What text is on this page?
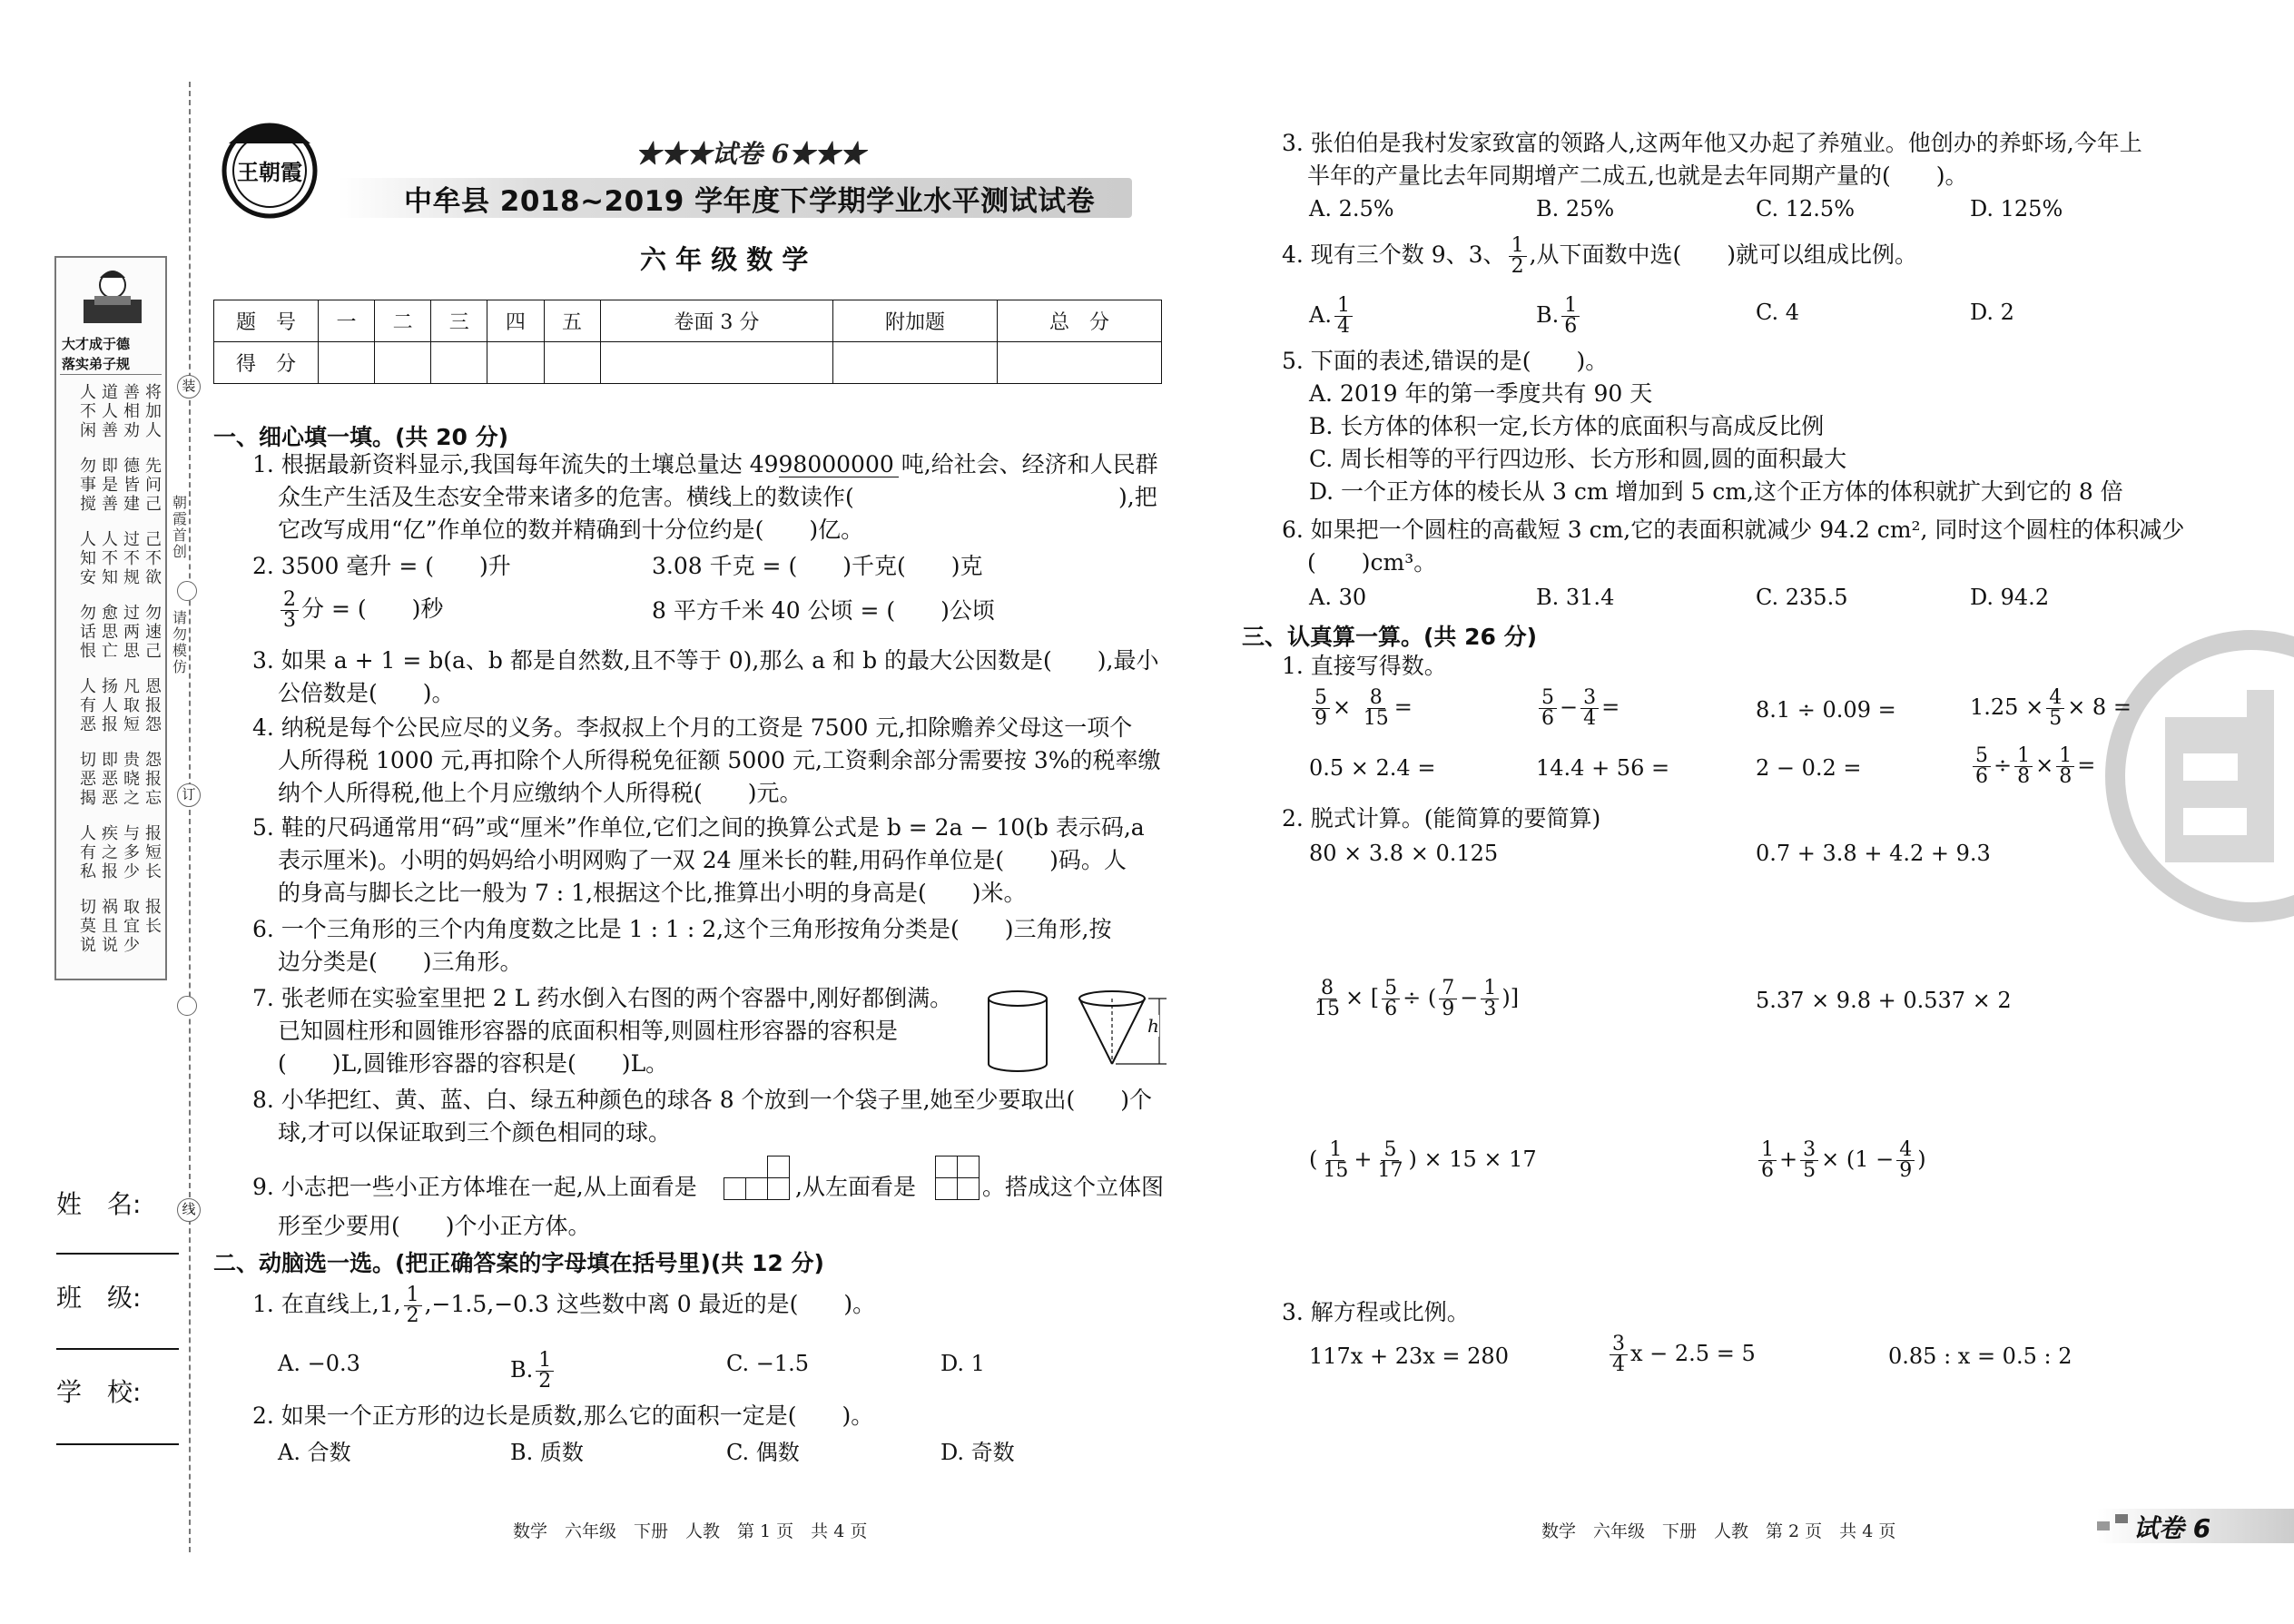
装
订
线
朝霞首创
请勿模仿
大才成于德
落实弟子规
将加人
善相劝
道人善
人不闲
先问己
德皆建
即是善
勿事搅
己不欲
过不规
人不知
人知安
勿速己
过两思
愈思亡
勿话恨
恩报怨
凡取短
扬人报
人有恶
怨报忘
贵晓之
即恶恶
切恶揭
报短长
与多少
疾之报
人有私
报长
取宜少
祸且说
切莫说
姓　名:
班　级:
学　校:
王朝霞
★★★试卷 6★★★
中牟县 2018~2019 学年度下学期学业水平测试试卷
六 年 级 数 学
题　号	一	二	三	四	五	卷面 3 分	附加题	总　分
得　分								
一、细心填一填。(共 20 分)
1. 根据最新资料显示,我国每年流失的土壤总量达 4998000000 吨,给社会、经济和人民群
众生产生活及生态安全带来诸多的危害。横线上的数读作(	),把
它改写成用“亿”作单位的数并精确到十分位约是(　　)亿。
2. 3500 毫升 = (　　)升	3.08 千克 = (　　)千克(　　)克
$\frac{2}{3}$ 分 = (　　)秒	8 平方千米 40 公顷 = (　　)公顷
3. 如果 a + 1 = b(a、b 都是自然数,且不等于 0),那么 a 和 b 的最大公因数是(　　),最小
公倍数是(　　)。
4. 纳税是每个公民应尽的义务。李叔叔上个月的工资是 7500 元,扣除赡养父母这一项个
人所得税 1000 元,再扣除个人所得税免征额 5000 元,工资剩余部分需要按 3%的税率缴
纳个人所得税,他上个月应缴纳个人所得税(　　)元。
5. 鞋的尺码通常用“码”或“厘米”作单位,它们之间的换算公式是 b = 2a − 10(b 表示码,a
表示厘米)。小明的妈妈给小明网购了一双 24 厘米长的鞋,用码作单位是(　　)码。人
的身高与脚长之比一般为 7 : 1,根据这个比,推算出小明的身高是(　　)米。
6. 一个三角形的三个内角度数之比是 1 : 1 : 2,这个三角形按角分类是(　　)三角形,按
边分类是(　　)三角形。
7. 张老师在实验室里把 2 L 药水倒入右图的两个容器中,刚好都倒满。
已知圆柱形和圆锥形容器的底面积相等,则圆柱形容器的容积是
(　　)L,圆锥形容器的容积是(　　)L。
h
8. 小华把红、黄、蓝、白、绿五种颜色的球各 8 个放到一个袋子里,她至少要取出(　　)个
球,才可以保证取到三个颜色相同的球。
9. 小志把一些小正方体堆在一起,从上面看是	,从左面看是	。搭成这个立体图
形至少要用(　　)个小正方体。
二、动脑选一选。(把正确答案的字母填在括号里)(共 12 分)
1. 在直线上,1, $\frac{1}{2} ,-1.5,-0.3$ 这些数中离 0 最近的是(　　)。
A. −0.3	B. $\frac{1}{2}$	C. −1.5	D. 1
2. 如果一个正方形的边长是质数,那么它的面积一定是(　　)。
A. 合数	B. 质数	C. 偶数	D. 奇数
数学　六年级　下册　人教　第 1 页　共 4 页
3. 张伯伯是我村发家致富的领路人,这两年他又办起了养殖业。他创办的养虾场,今年上
半年的产量比去年同期增产二成五,也就是去年同期产量的(　　)。
A. 2.5%	B. 25%	C. 12.5%	D. 125%
4. 现有三个数 9、3、 $\frac{1}{2}$ ,从下面数中选(　　)就可以组成比例。
A. $\frac{1}{4}$	B. $\frac{1}{6}$	C. 4	D. 2
5. 下面的表述,错误的是(　　)。
A. 2019 年的第一季度共有 90 天
B. 长方体的体积一定,长方体的底面积与高成反比例
C. 周长相等的平行四边形、长方形和圆,圆的面积最大
D. 一个正方体的棱长从 3 cm 增加到 5 cm,这个正方体的体积就扩大到它的 8 倍
6. 如果把一个圆柱的高截短 3 cm,它的表面积就减少 94.2 cm², 同时这个圆柱的体积减少
(　　)cm³。
A. 30	B. 31.4	C. 235.5	D. 94.2
三、认真算一算。(共 26 分)
1. 直接写得数。
$\frac{5}{9} \times \frac{8}{15}$ =	$\frac{5}{6} - \frac{3}{4}$ =	8.1 ÷ 0.09 =	$1.25 \times \frac{4}{5} \times 8$ =
0.5 × 2.4 =	14.4 + 56 =	2 − 0.2 =	$\frac{5}{6} \div \frac{1}{8} \times \frac{1}{8}$ =
2. 脱式计算。(能简算的要简算)
80 × 3.8 × 0.125	0.7 + 3.8 + 4.2 + 9.3
$\frac{8}{15}$ × [ $\frac{5}{6}$ ÷ ( $\frac{7}{9} - \frac{1}{3}$ )]	5.37 × 9.8 + 0.537 × 2
( $\frac{1}{15} + \frac{5}{17}$ ) × 15 × 17	$\frac{1}{6} + \frac{3}{5} \times (1 - \frac{4}{9}$ )
3. 解方程或比例。
117x + 23x = 280	$\frac{3}{4}$ x − 2.5 = 5	0.85 : x = 0.5 : 2
数学　六年级　下册　人教　第 2 页　共 4 页	试卷 6
